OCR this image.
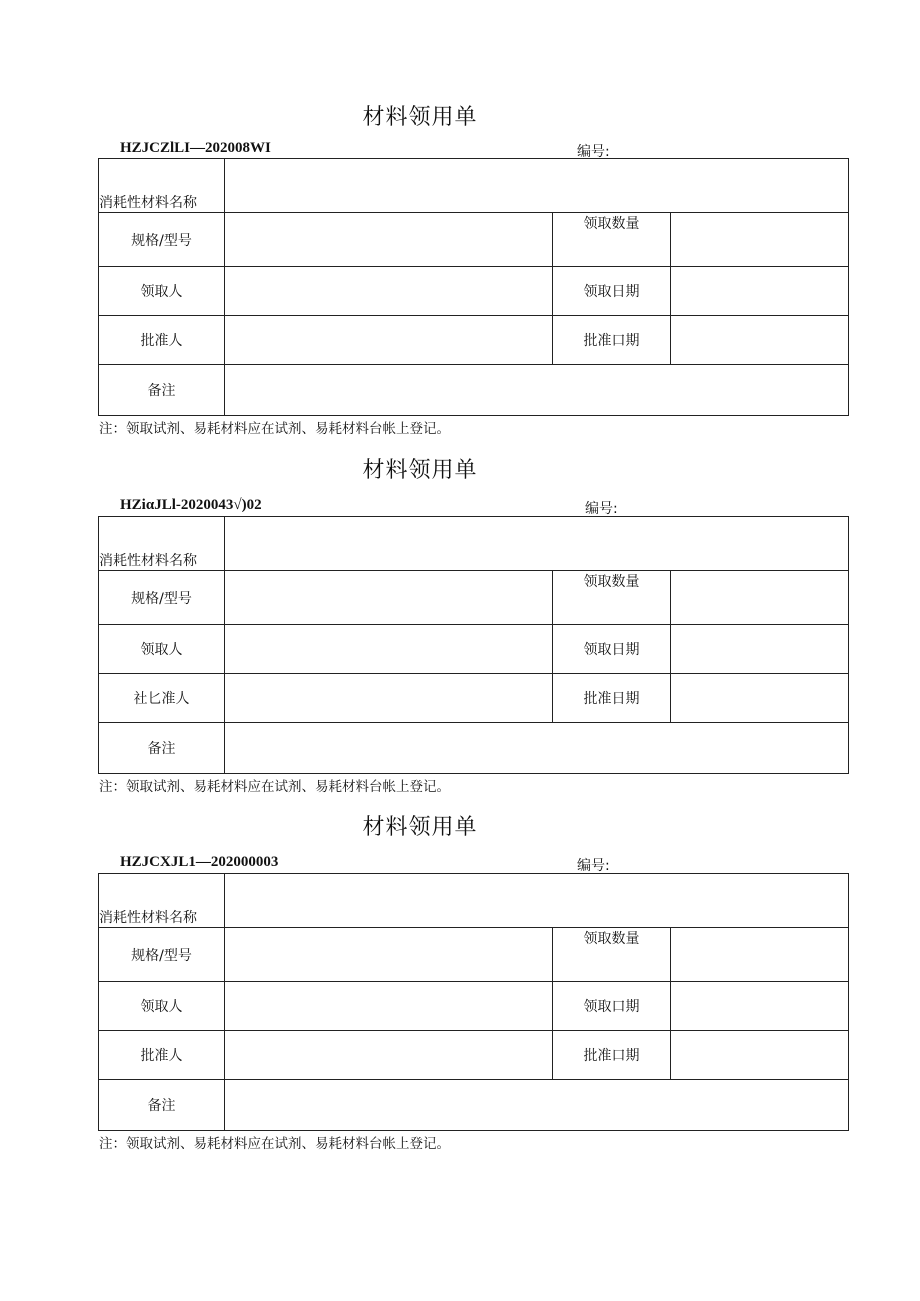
材料领用单
HZJCZlLI—202008WI	编号:
消耗性材料名称			
规格/型号		领取数量	
领取人		领取日期	
批准人		批准口期	
备注			
注：领取试剂、易耗材料应在试剂、易耗材料台帐上登记。
材料领用单
HZiαJLl-2020043√)02	编号:
消耗性材料名称			
规格/型号		领取数量	
领取人		领取日期	
社匕准人		批准日期	
备注			
注：领取试剂、易耗材料应在试剂、易耗材料台帐上登记。
材料领用单
HZJCXJL1—202000003	编号:
消耗性材料名称			
规格/型号		领取数量	
领取人		领取口期	
批准人		批准口期	
备注			
注：领取试剂、易耗材料应在试剂、易耗材料台帐上登记。
